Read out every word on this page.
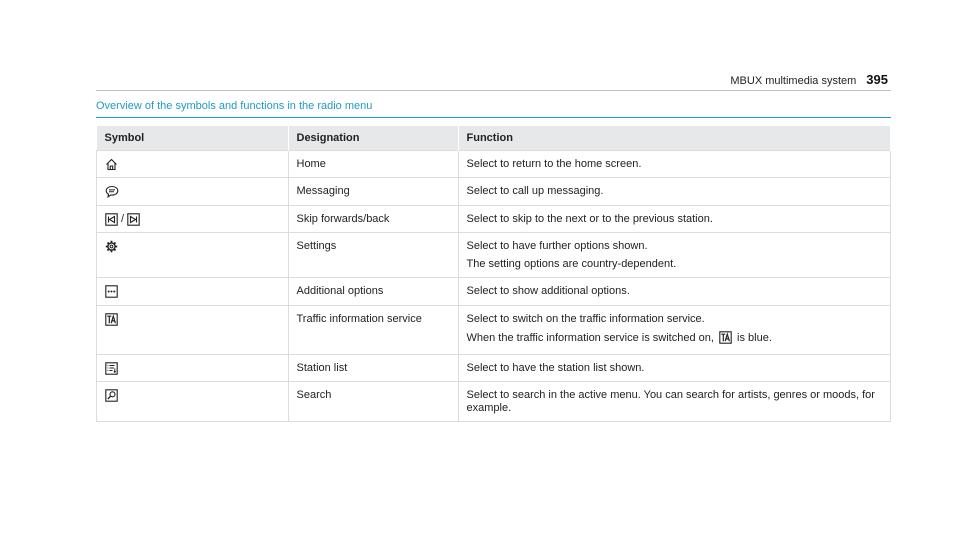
MBUX multimedia system 395
Overview of the symbols and functions in the radio menu
Symbol	Designation	Function

	Home	Select to return to the home screen.

	Messaging	Select to call up messaging.

/	Skip forwards/back	Select to skip to the next or to the previous station.

	Settings	Select to have further options shown.
The setting options are country-dependent.

	Additional options	Select to show additional options.

	Traffic information service	Select to switch on the traffic information service.
When the traffic information service is switched on,  is blue.

	Station list	Select to have the station list shown.

	Search	Select to search in the active menu. You can search for artists, genres or moods, for example.
